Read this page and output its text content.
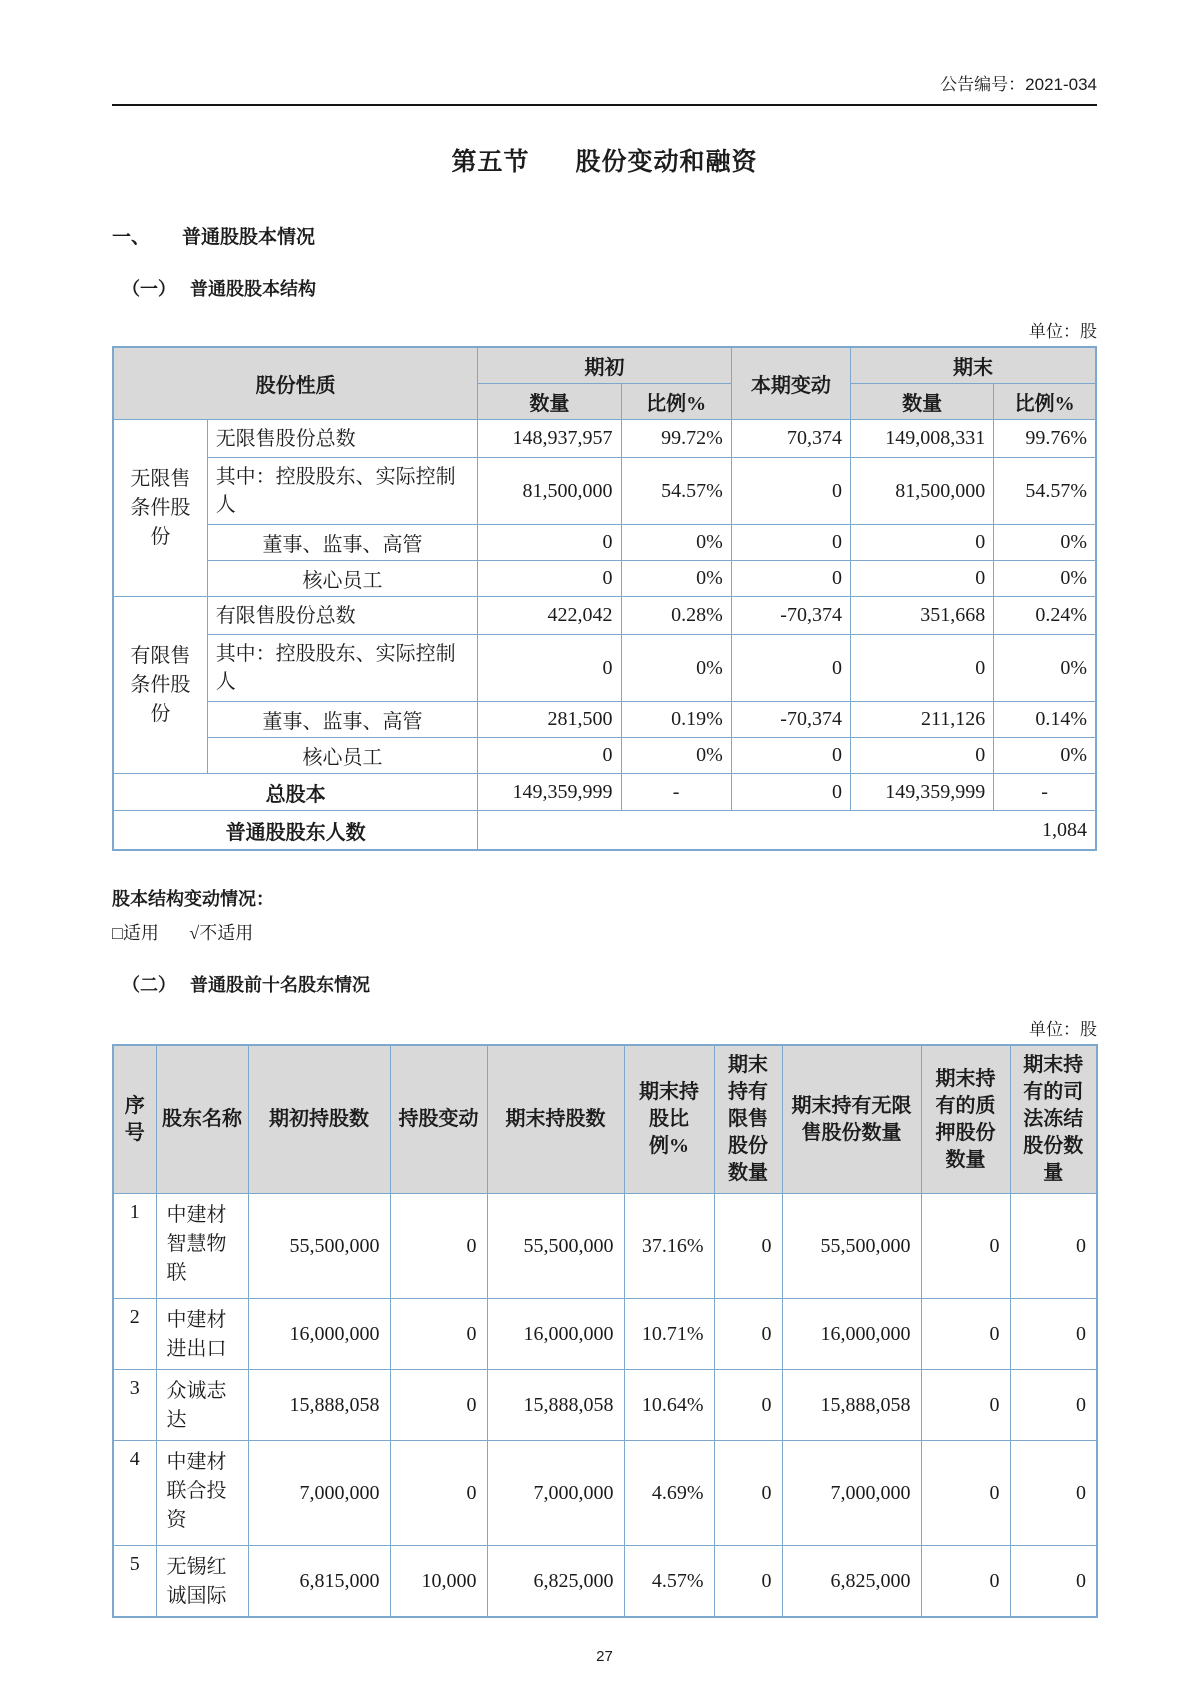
公告编号：2021-034
第五节 股份变动和融资
一、 普通股股本情况
（一） 普通股股本结构
单位：股
股份性质		期初		本期变动	期末	
		数量	比例%		数量	比例%
无限售条件股份	无限售股份总数	148,937,957	99.72%	70,374	149,008,331	99.76%
	其中：控股股东、实际控制人	81,500,000	54.57%	0	81,500,000	54.57%
	董事、监事、高管	0	0%	0	0	0%
	核心员工	0	0%	0	0	0%
有限售条件股份	有限售股份总数	422,042	0.28%	-70,374	351,668	0.24%
	其中：控股股东、实际控制人	0	0%	0	0	0%
	董事、监事、高管	281,500	0.19%	-70,374	211,126	0.14%
	核心员工	0	0%	0	0	0%
总股本		149,359,999	-	0	149,359,999	-
普通股股东人数		1,084				
股本结构变动情况：
□适用 √不适用
（二） 普通股前十名股东情况
单位：股
序号	股东名称	期初持股数	持股变动	期末持股数	期末持股比例%	期末持有限售股份数量	期末持有无限售股份数量	期末持有的质押股份数量	期末持有的司法冻结股份数量
1	中建材智慧物联	55,500,000	0	55,500,000	37.16%	0	55,500,000	0	0
2	中建材进出口	16,000,000	0	16,000,000	10.71%	0	16,000,000	0	0
3	众诚志达	15,888,058	0	15,888,058	10.64%	0	15,888,058	0	0
4	中建材联合投资	7,000,000	0	7,000,000	4.69%	0	7,000,000	0	0
5	无锡红诚国际	6,815,000	10,000	6,825,000	4.57%	0	6,825,000	0	0
27
